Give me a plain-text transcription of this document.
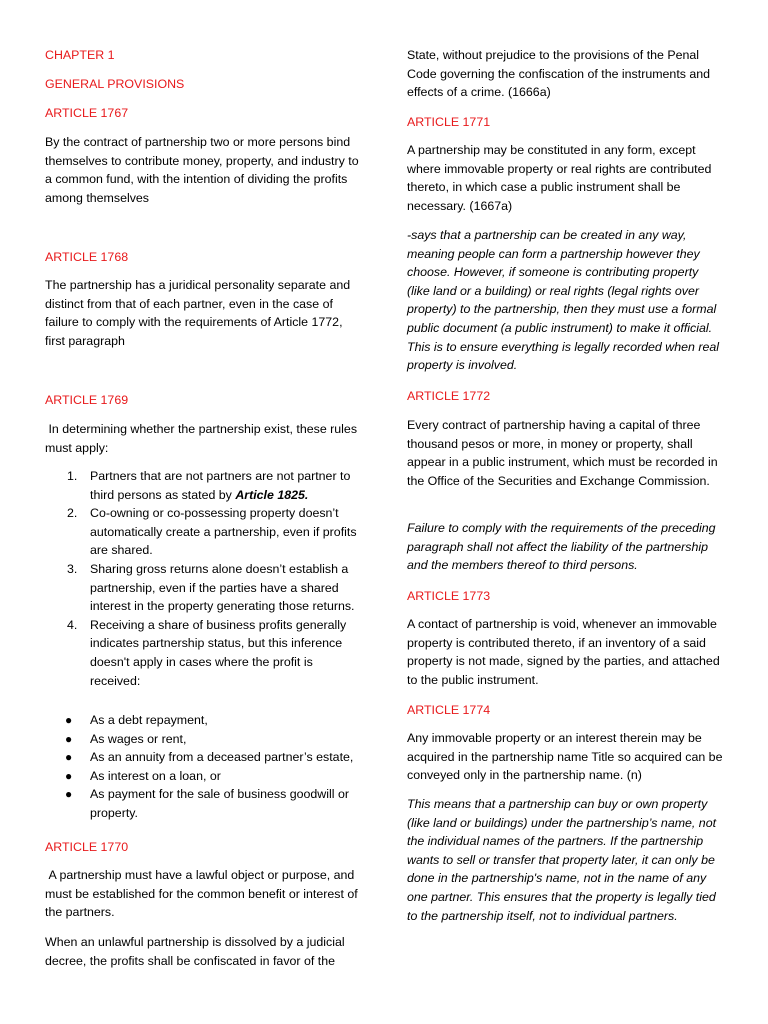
CHAPTER 1

GENERAL PROVISIONS

ARTICLE 1767

By the contract of partnership two or more persons bind themselves to contribute money, property, and industry to a common fund, with the intention of dividing the profits among themselves

ARTICLE 1768

The partnership has a juridical personality separate and distinct from that of each partner, even in the case of failure to comply with the requirements of Article 1772, first paragraph

ARTICLE 1769

In determining whether the partnership exist, these rules must apply:

1. Partners that are not partners are not partner to third persons as stated by Article 1825.
2. Co-owning or co-possessing property doesn’t automatically create a partnership, even if profits are shared.
3. Sharing gross returns alone doesn’t establish a partnership, even if the parties have a shared interest in the property generating those returns.
4. Receiving a share of business profits generally indicates partnership status, but this inference doesn't apply in cases where the profit is received:
● As a debt repayment,
● As wages or rent,
● As an annuity from a deceased partner’s estate,
● As interest on a loan, or
● As payment for the sale of business goodwill or property.

ARTICLE 1770

A partnership must have a lawful object or purpose, and must be established for the common benefit or interest of the partners.

When an unlawful partnership is dissolved by a judicial decree, the profits shall be confiscated in favor of the

State, without prejudice to the provisions of the Penal Code governing the confiscation of the instruments and effects of a crime. (1666a)

ARTICLE 1771

A partnership may be constituted in any form, except where immovable property or real rights are contributed thereto, in which case a public instrument shall be necessary. (1667a)

-says that a partnership can be created in any way, meaning people can form a partnership however they choose. However, if someone is contributing property (like land or a building) or real rights (legal rights over property) to the partnership, then they must use a formal public document (a public instrument) to make it official. This is to ensure everything is legally recorded when real property is involved.

ARTICLE 1772

Every contract of partnership having a capital of three thousand pesos or more, in money or property, shall appear in a public instrument, which must be recorded in the Office of the Securities and Exchange Commission.

Failure to comply with the requirements of the preceding paragraph shall not affect the liability of the partnership and the members thereof to third persons.

ARTICLE 1773

A contact of partnership is void, whenever an immovable property is contributed thereto, if an inventory of a said property is not made, signed by the parties, and attached to the public instrument.

ARTICLE 1774

Any immovable property or an interest therein may be acquired in the partnership name Title so acquired can be conveyed only in the partnership name. (n)

This means that a partnership can buy or own property (like land or buildings) under the partnership’s name, not the individual names of the partners. If the partnership wants to sell or transfer that property later, it can only be done in the partnership's name, not in the name of any one partner. This ensures that the property is legally tied to the partnership itself, not to individual partners.
